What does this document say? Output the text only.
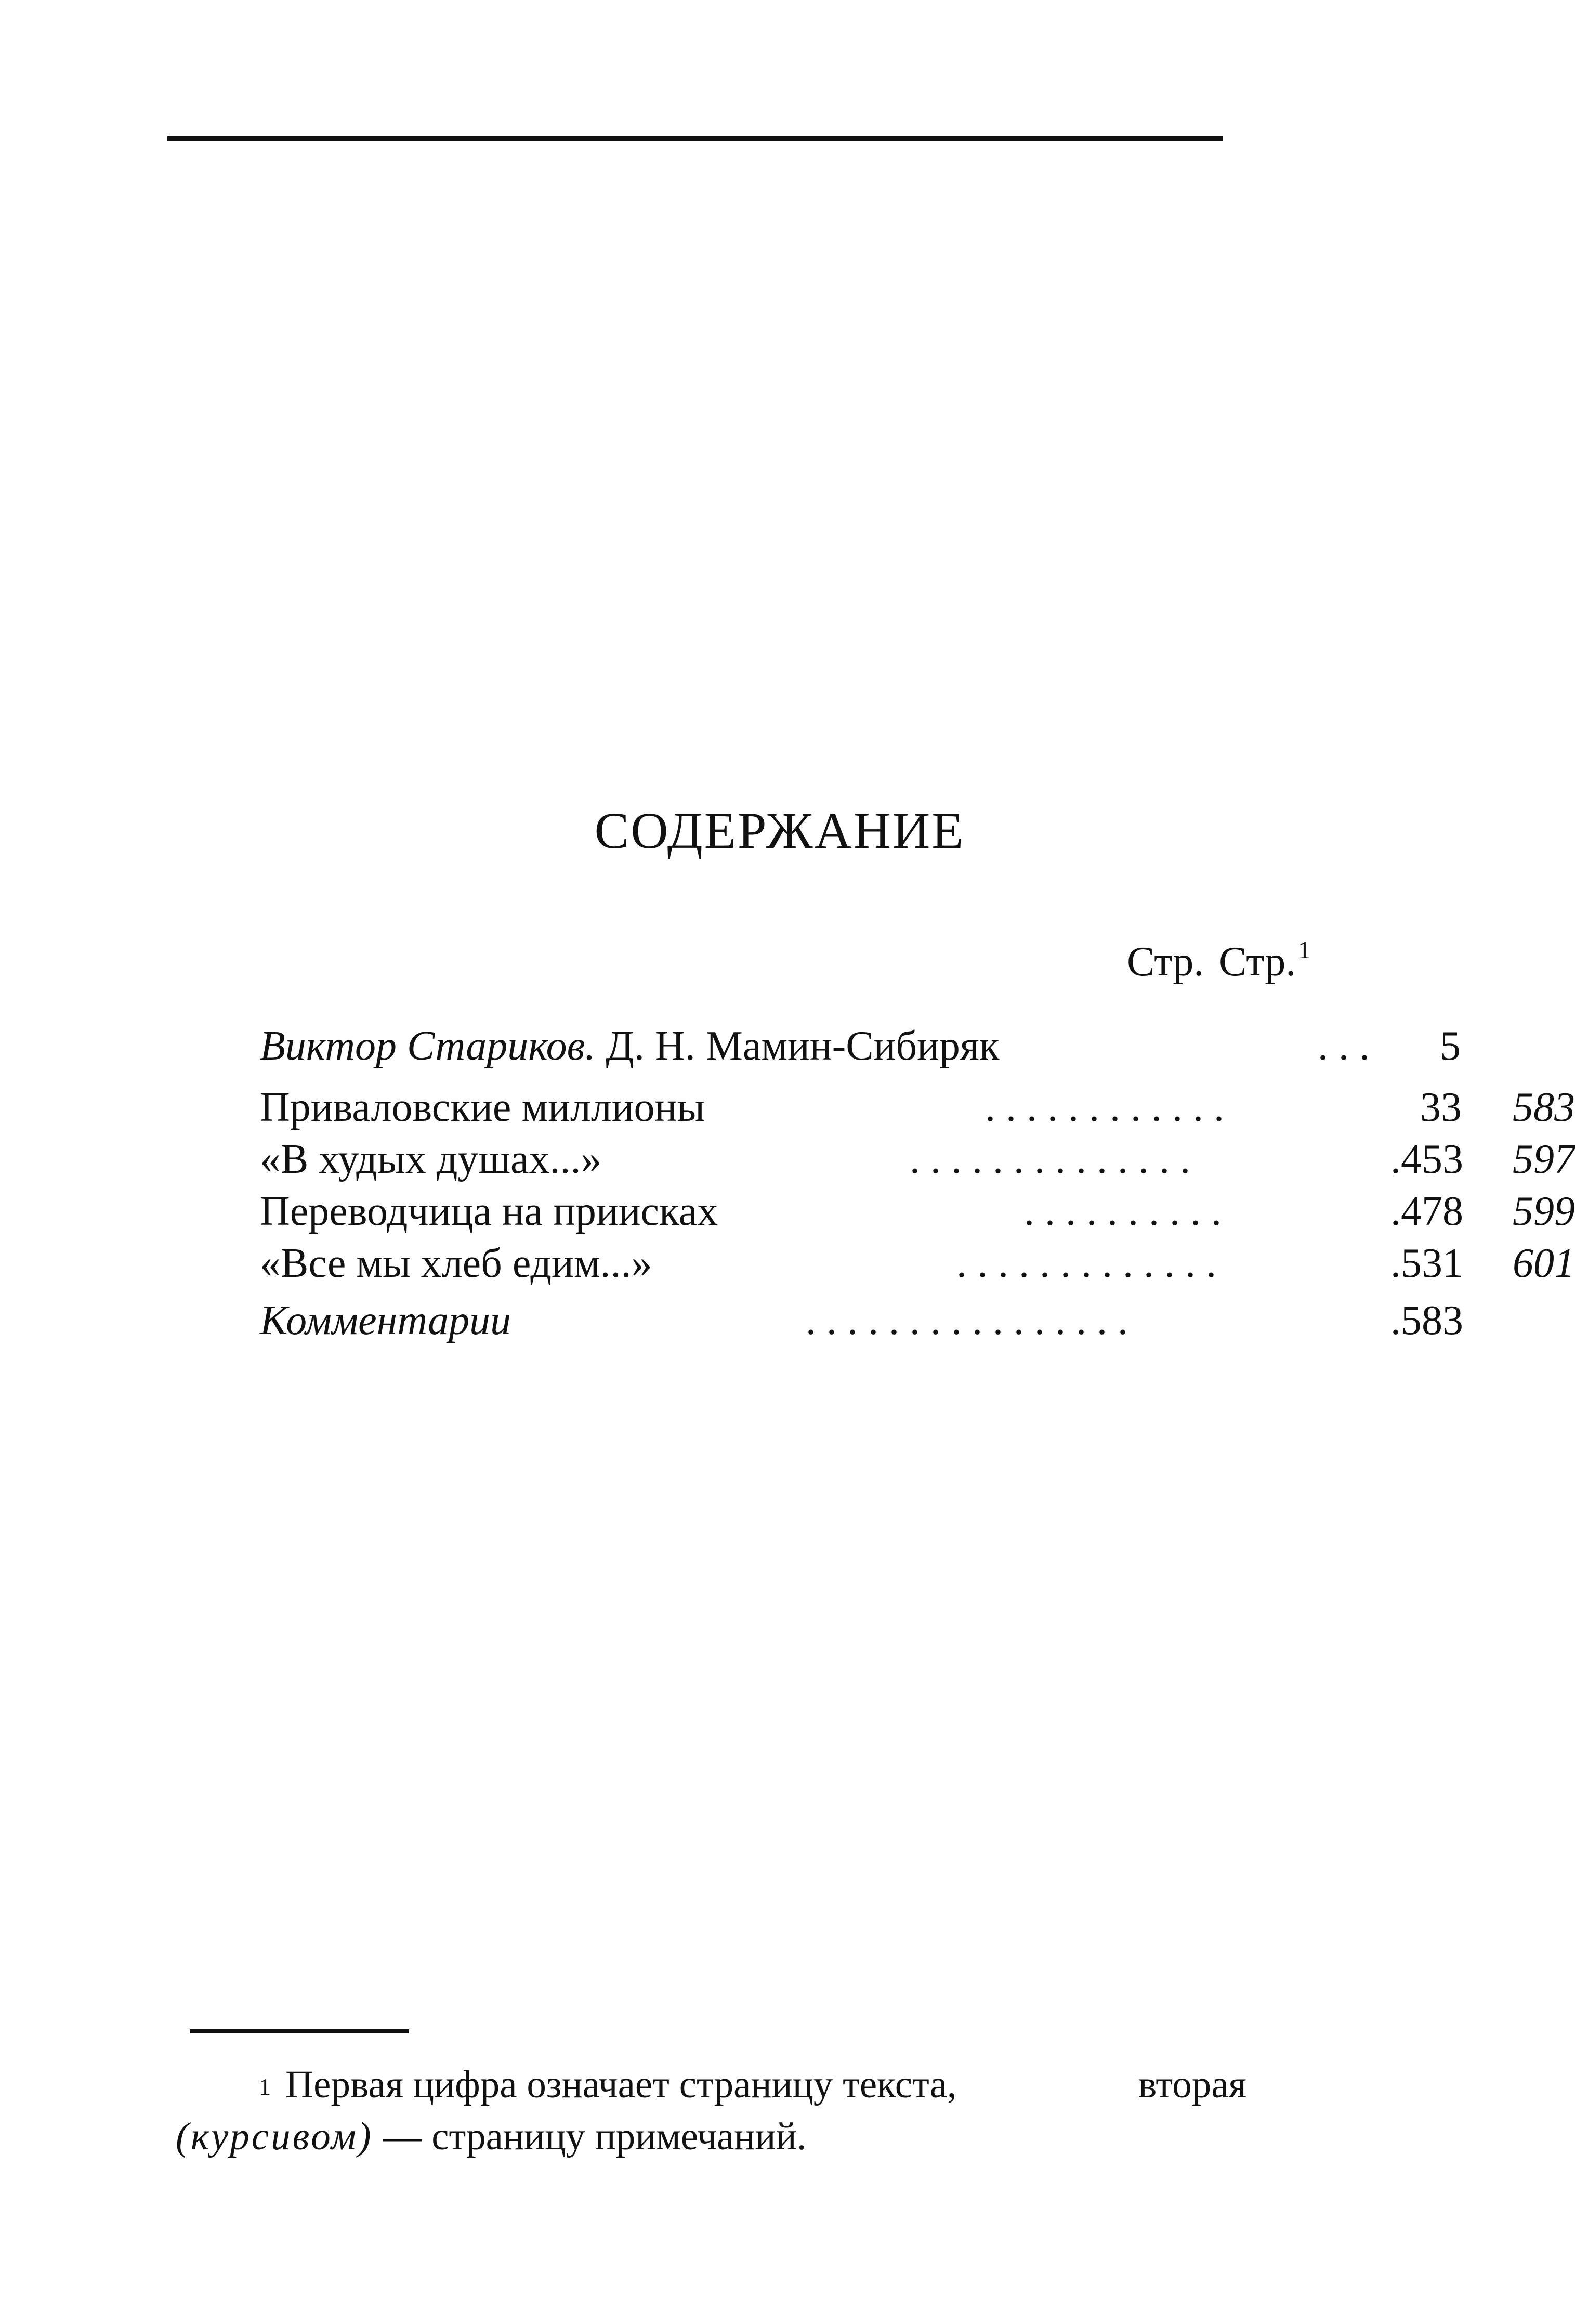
СОДЕРЖАНИЕ
Стр. Стр.$^1$
Виктор Стариков. Д. Н. Мамин-Сибиряк	. . . 5
Приваловские миллионы	. . . . . . . . . . . .	33 583
«В худых душах...»	. . . . . . . . . . . . . .	.453 597
Переводчица на приисках	. . . . . . . . . .	.478 599
«Все мы хлеб едим...»	. . . . . . . . . . . . .	.531 601
Комментарии	. . . . . . . . . . . . . . . .	.583
$^1$ Первая цифра означает страницу текста,	вторая
(курсивом) — страницу примечаний.
